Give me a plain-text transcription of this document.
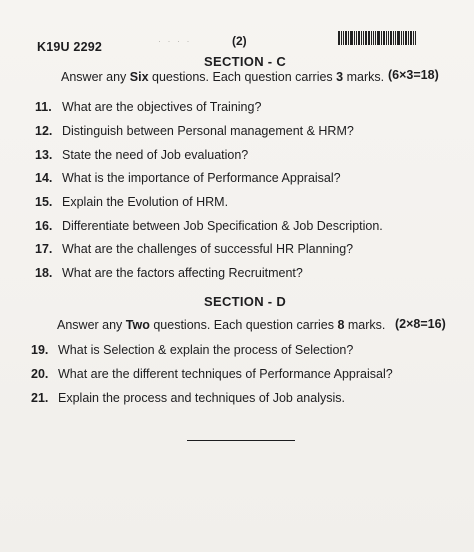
K19U 2292	· · · ·	(2)
SECTION - C
Answer any Six questions. Each question carries 3 marks. (6×3=18)
11. What are the objectives of Training?
12. Distinguish between Personal management & HRM?
13. State the need of Job evaluation?
14. What is the importance of Performance Appraisal?
15. Explain the Evolution of HRM.
16. Differentiate between Job Specification & Job Description.
17. What are the challenges of successful HR Planning?
18. What are the factors affecting Recruitment?
SECTION - D
Answer any Two questions. Each question carries 8 marks. (2×8=16)
19. What is Selection & explain the process of Selection?
20. What are the different techniques of Performance Appraisal?
21. Explain the process and techniques of Job analysis.
